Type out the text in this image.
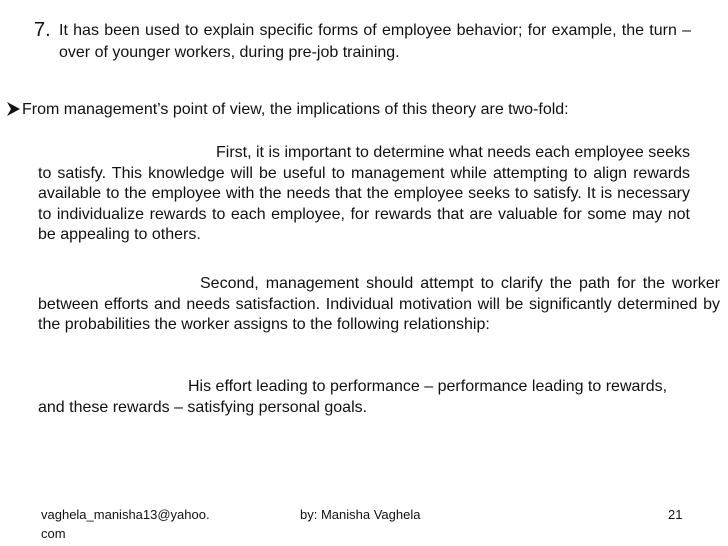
7. It has been used to explain specific forms of employee behavior; for example, the turn – over of younger workers, during pre-job training.
From management’s point of view, the implications of this theory are two-fold:
First, it is important to determine what needs each employee seeks to satisfy. This knowledge will be useful to management while attempting to align rewards available to the employee with the needs that the employee seeks to satisfy. It is necessary to individualize rewards to each employee, for rewards that are valuable for some may not be appealing to others.
Second, management should attempt to clarify the path for the worker between efforts and needs satisfaction. Individual motivation will be significantly determined by the probabilities the worker assigns to the following relationship:
His effort leading to performance – performance leading to rewards, and these rewards – satisfying personal goals.
vaghela_manisha13@yahoo.com
by: Manisha Vaghela	21
